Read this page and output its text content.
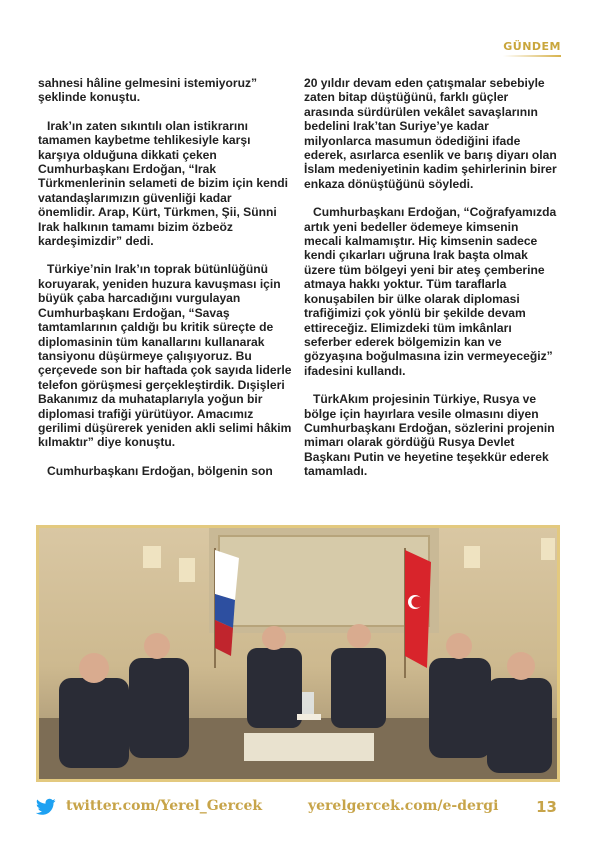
GÜNDEM

sahnesi hâline gelmesini istemiyoruz” şeklinde konuştu.

Irak’ın zaten sıkıntılı olan istikrarını tamamen kaybetme tehlikesiyle karşı karşıya olduğuna dikkati çeken Cumhurbaşkanı Erdoğan, “Irak Türkmenlerinin selameti de bizim için kendi vatandaşlarımızın güvenliği kadar önemlidir. Arap, Kürt, Türkmen, Şii, Sünni Irak halkının tamamı bizim özbeöz kardeşimizdir” dedi.

Türkiye’nin Irak’ın toprak bütünlüğünü koruyarak, yeniden huzura kavuşması için büyük çaba harcadığını vurgulayan Cumhurbaşkanı Erdoğan, “Savaş tamtamlarının çaldığı bu kritik süreçte de diplomasinin tüm kanallarını kullanarak tansiyonu düşürmeye çalışıyoruz. Bu çerçevede son bir haftada çok sayıda liderle telefon görüşmesi gerçekleştirdik. Dışişleri Bakanımız da muhataplarıyla yoğun bir diplomasi trafiği yürütüyor. Amacımız gerilimi düşürerek yeniden akli selimi hâkim kılmaktır” diye konuştu.

Cumhurbaşkanı Erdoğan, bölgenin son

20 yıldır devam eden çatışmalar sebebiyle zaten bitap düştüğünü, farklı güçler arasında sürdürülen vekâlet savaşlarının bedelini Irak’tan Suriye’ye kadar milyonlarca masumun ödediğini ifade ederek, asırlarca esenlik ve barış diyarı olan İslam medeniyetinin kadim şehirlerinin birer enkaza dönüştüğünü söyledi.

Cumhurbaşkanı Erdoğan, “Coğrafyamızda artık yeni bedeller ödemeye kimsenin mecali kalmamıştır. Hiç kimsenin sadece kendi çıkarları uğruna Irak başta olmak üzere tüm bölgeyi yeni bir ateş çemberine atmaya hakkı yoktur. Tüm taraflarla konuşabilen bir ülke olarak diplomasi trafiğimizi çok yönlü bir şekilde devam ettireceğiz. Elimizdeki tüm imkânları seferber ederek bölgemizin kan ve gözyaşına boğulmasına izin vermeyeceğiz” ifadesini kullandı.

TürkAkım projesinin Türkiye, Rusya ve bölge için hayırlara vesile olmasını diyen Cumhurbaşkanı Erdoğan, sözlerini projenin mimarı olarak gördüğü Rusya Devlet Başkanı Putin ve heyetine teşekkür ederek tamamladı.

twitter.com/Yerel_Gercek	yerelgercek.com/e-dergi	13
